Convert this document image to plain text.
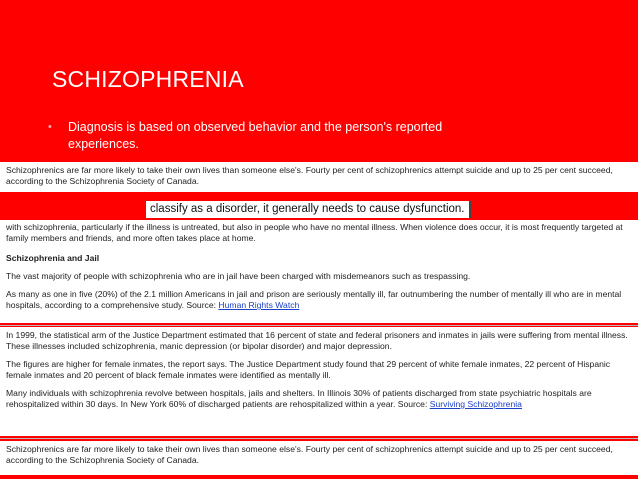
SCHIZOPHRENIA
• Diagnosis is based on observed behavior and the person's reported experiences.

Schizophrenics are far more likely to take their own lives than someone else's. Fourty per cent of schizophrenics attempt suicide and up to 25 per cent succeed, according to the Schizophrenia Society of Canada.

classify as a disorder, it generally needs to cause dysfunction.

with schizophrenia, particularly if the illness is untreated, but also in people who have no mental illness. When violence does occur, it is most frequently targeted at family members and friends, and more often takes place at home.

Schizophrenia and Jail

The vast majority of people with schizophrenia who are in jail have been charged with misdemeanors such as trespassing.

As many as one in five (20%) of the 2.1 million Americans in jail and prison are seriously mentally ill, far outnumbering the number of mentally ill who are in mental hospitals, according to a comprehensive study. Source: Human Rights Watch

In 1999, the statistical arm of the Justice Department estimated that 16 percent of state and federal prisoners and inmates in jails were suffering from mental illness. These illnesses included schizophrenia, manic depression (or bipolar disorder) and major depression.

The figures are higher for female inmates, the report says. The Justice Department study found that 29 percent of white female inmates, 22 percent of Hispanic female inmates and 20 percent of black female inmates were identified as mentally ill.

Many individuals with schizophrenia revolve between hospitals, jails and shelters. In Illinois 30% of patients discharged from state psychiatric hospitals are rehospitalized within 30 days. In New York 60% of discharged patients are rehospitalized within a year. Source: Surviving Schizophrenia

Schizophrenics are far more likely to take their own lives than someone else's. Fourty per cent of schizophrenics attempt suicide and up to 25 per cent succeed, according to the Schizophrenia Society of Canada.
